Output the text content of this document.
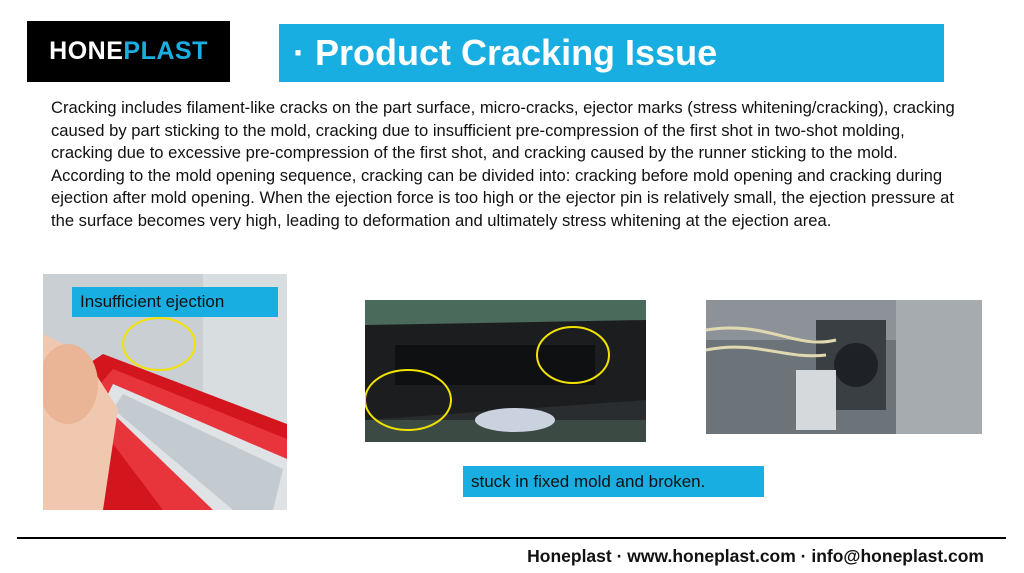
HONE PLAST	· Product Cracking Issue
Cracking includes filament-like cracks on the part surface, micro-cracks, ejector marks (stress whitening/cracking), cracking caused by part sticking to the mold, cracking due to insufficient pre-compression of the first shot in two-shot molding, cracking due to excessive pre-compression of the first shot, and cracking caused by the runner sticking to the mold. According to the mold opening sequence, cracking can be divided into: cracking before mold opening and cracking during ejection after mold opening. When the ejection force is too high or the ejector pin is relatively small, the ejection pressure at the surface becomes very high, leading to deformation and ultimately stress whitening at the ejection area.
Insufficient ejection
stuck in fixed mold and broken.
Honeplast · www.honeplast.com · info@honeplast.com
